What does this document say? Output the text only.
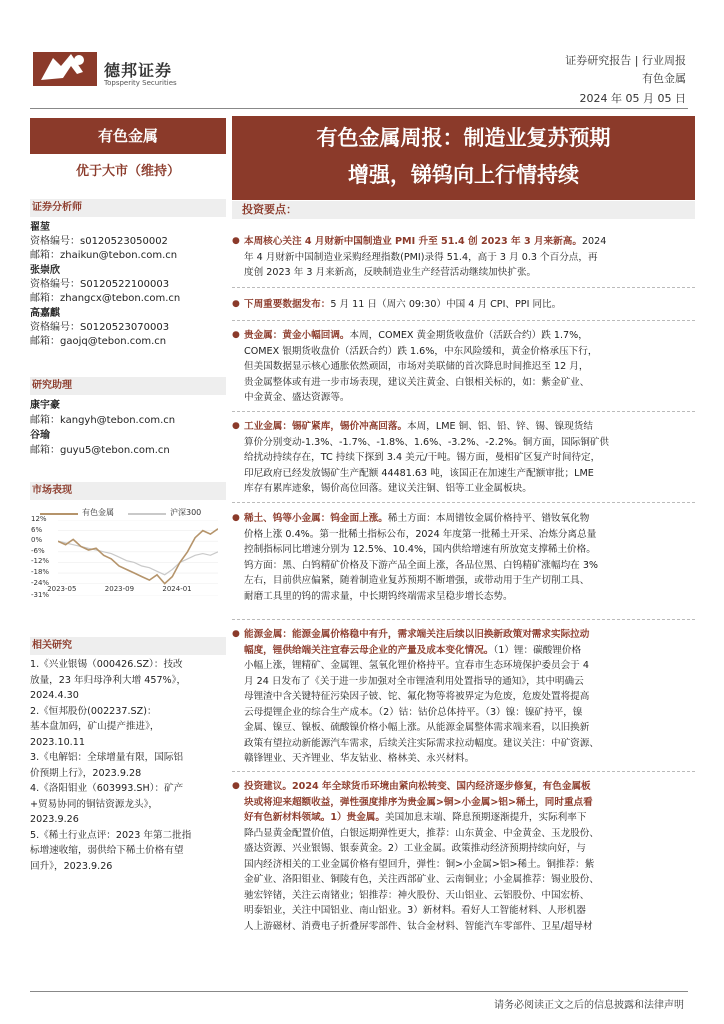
德邦证券
Topsperity Securities
证券研究报告 | 行业周报
有色金属
2024 年 05 月 05 日
有色金属
优于大市（维持）
有色金属周报：制造业复苏预期
增强，锑钨向上行情持续
证券分析师
翟堃
资格编号：s0120523050002
邮箱：zhaikun@tebon.com.cn
张崇欣
资格编号：S0120522100003
邮箱：zhangcx@tebon.com.cn
高嘉麒
资格编号：S0120523070003
邮箱：gaojq@tebon.com.cn
研究助理
康宇豪
邮箱：kangyh@tebon.com.cn
谷瑜
邮箱：guyu5@tebon.com.cn
市场表现
有色金属	沪深300
12%
6%
0%
-6%
-12%
-18%
-24%
-31%
2023-05	2023-09	2024-01
相关研究
1.《兴业银锡（000426.SZ）：技改
放量，23 年归母净利大增 457%》，
2024.4.30
2.《恒邦股份(002237.SZ)：
基本盘加码，矿山提产推进》，
2023.10.11
3.《电解铝：全球增量有限，国际铝
价预期上行》，2023.9.28
4.《洛阳钼业（603993.SH）：矿产
+贸易协同的铜钴资源龙头》，
2023.9.26
5.《稀土行业点评：2023 年第二批指
标增速收缩，弱供给下稀土价格有望
回升》，2023.9.26
投资要点：
● 本周核心关注 4 月财新中国制造业 PMI 升至 51.4 创 2023 年 3 月来新高。2024
年 4 月财新中国制造业采购经理指数(PMI)录得 51.4，高于 3 月 0.3 个百分点，再
度创 2023 年 3 月来新高，反映制造业生产经营活动继续加快扩张。
● 下周重要数据发布：5 月 11 日（周六 09:30）中国 4 月 CPI、PPI 同比。
● 贵金属：黄金小幅回调。本周，COMEX 黄金期货收盘价（活跃合约）跌 1.7%，
COMEX 银期货收盘价（活跃合约）跌 1.6%，中东风险缓和，黄金价格承压下行，
但美国数据显示核心通胀依然顽固，市场对美联储的首次降息时间推迟至 12 月，
贵金属整体或有进一步市场表现，建议关注黄金、白银相关标的，如：紫金矿业、
中金黄金、盛达资源等。
● 工业金属：锡矿紧库，锡价冲高回落。本周，LME 铜、铝、铅、锌、锡、镍现货结
算价分别变动-1.3%、-1.7%、-1.8%、1.6%、-3.2%、-2.2%。铜方面，国际铜矿供
给扰动持续存在，TC 持续下探到 3.4 美元/干吨。锡方面，曼相矿区复产时间待定，
印尼政府已经发放锡矿生产配额 44481.63 吨，该国正在加速生产配额审批；LME
库存有累库迹象，锡价高位回落。建议关注铜、铝等工业金属板块。
● 稀土、钨等小金属：钨金面上涨。稀土方面：本周镨钕金属价格持平、镨钕氧化物
价格上涨 0.4%。第一批稀土指标公布，2024 年度第一批稀土开采、冶炼分离总量
控制指标同比增速分别为 12.5%、10.4%，国内供给增速有所放宽支撑稀土价格。
钨方面：黑、白钨精矿价格及下游产品全面上涨，各品位黑、白钨精矿涨幅均在 3%
左右，目前供应偏紧，随着制造业复苏预期不断增强，或带动用于生产切削工具、
耐磨工具里的钨的需求量，中长期钨终端需求呈稳步增长态势。
● 能源金属：能源金属价格稳中有升，需求端关注后续以旧换新政策对需求实际拉动
幅度，锂供给端关注宜春云母企业的产量及成本变化情况。（1）锂：碳酸锂价格
小幅上涨，锂精矿、金属锂、氢氧化锂价格持平。宜春市生态环境保护委员会于 4
月 24 日发布了《关于进一步加强对全市锂渣利用处置指导的通知》，其中明确云
母锂渣中含关键特征污染因子铍、铊、氟化物等将被界定为危废，危废处置将提高
云母提锂企业的综合生产成本。（2）钴：钴价总体持平。（3）镍：镍矿持平，镍
金属、镍豆、镍板、硫酸镍价格小幅上涨。从能源金属整体需求端来看，以旧换新
政策有望拉动新能源汽车需求，后续关注实际需求拉动幅度。建议关注：中矿资源、
赣锋锂业、天齐锂业、华友钴业、格林美、永兴材料。
● 投资建议。2024 年全球货币环境由紧向松转变、国内经济逐步修复，有色金属板
块或将迎来超额收益，弹性强度排序为贵金属>铜>小金属>铝>稀土，同时重点看
好有色新材料领域。1）贵金属。美国加息末端、降息预期逐渐提升，实际利率下
降凸显黄金配置价值，白银远期弹性更大，推荐：山东黄金、中金黄金、玉龙股份、
盛达资源、兴业银锡、银泰黄金。2）工业金属。政策推动经济预期持续向好，与
国内经济相关的工业金属价格有望回升，弹性：铜>小金属>铝>稀土。铜推荐：紫
金矿业、洛阳钼业、铜陵有色，关注西部矿业、云南铜业；小金属推荐：锡业股份、
驰宏锌锗，关注云南锗业；铝推荐：神火股份、天山铝业、云铝股份、中国宏桥、
明泰铝业，关注中国铝业、南山铝业。3）新材料。看好人工智能材料、人形机器
人上游磁材、消费电子折叠屏零部件、钛合金材料、智能汽车零部件、卫星/超导材
请务必阅读正文之后的信息披露和法律声明
